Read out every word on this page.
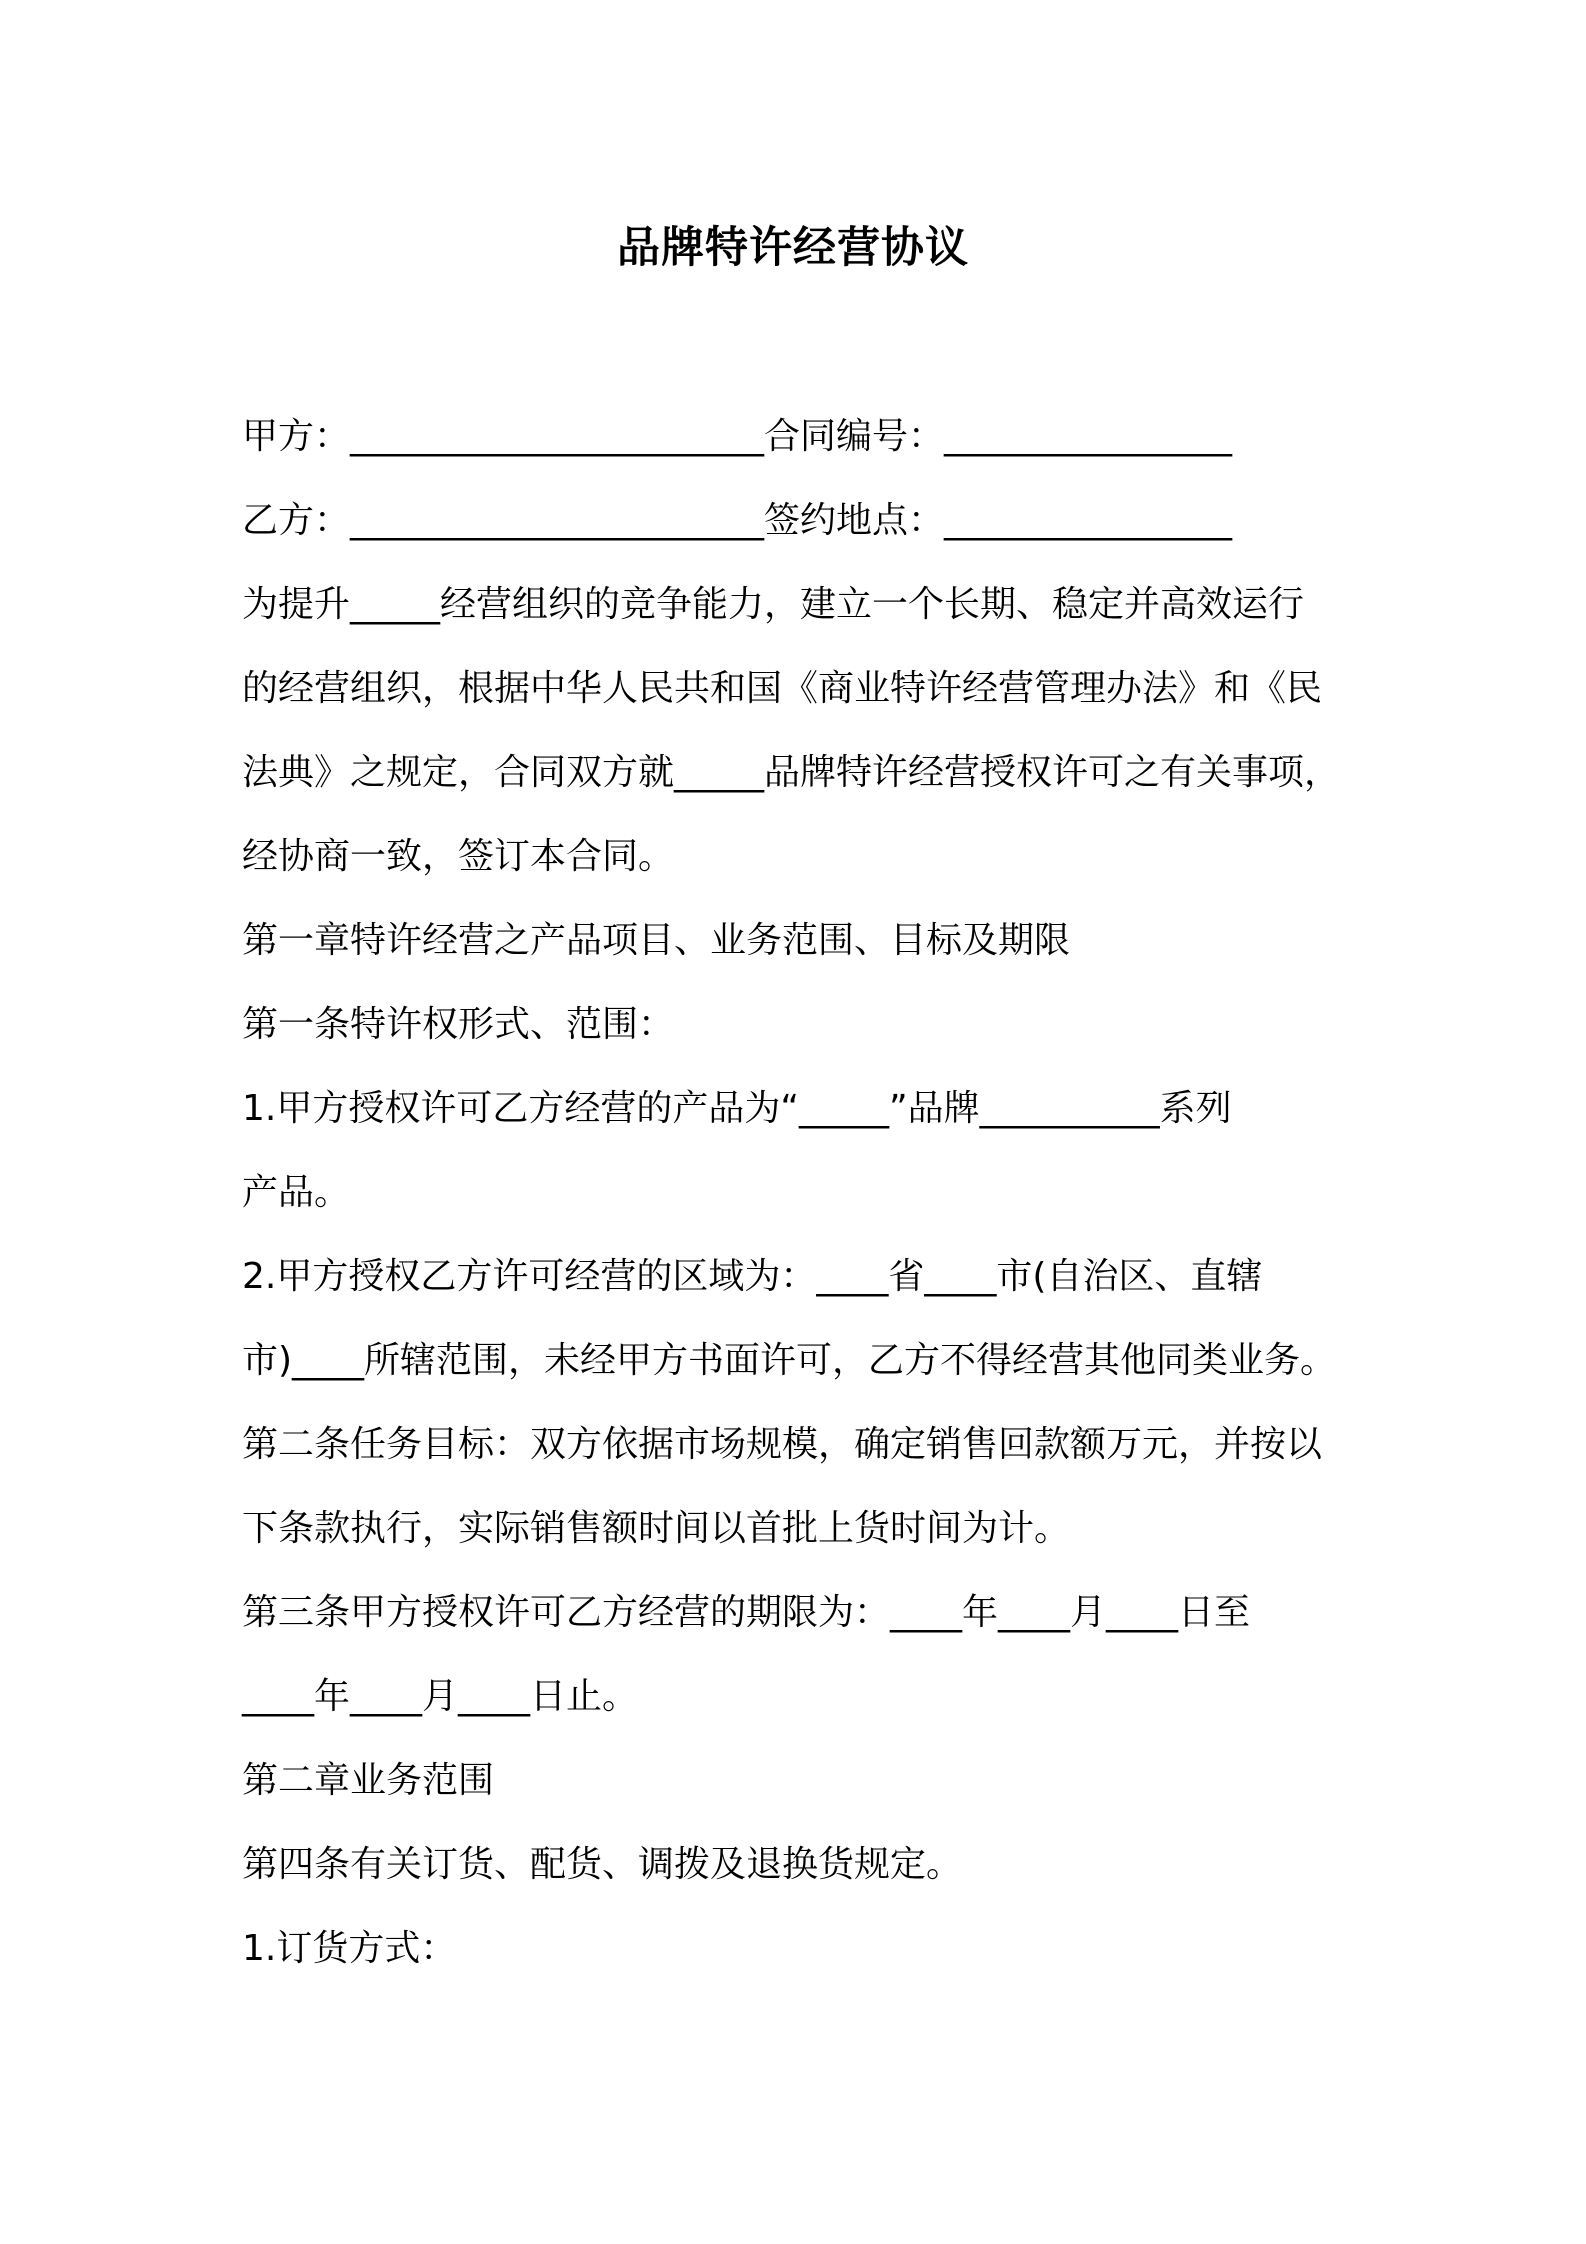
品牌特许经营协议
甲方：_______________________合同编号：________________
乙方：_______________________签约地点：________________
为提升_____经营组织的竞争能力，建立一个长期、稳定并高效运行
的经营组织，根据中华人民共和国《商业特许经营管理办法》和《民
法典》之规定，合同双方就_____品牌特许经营授权许可之有关事项，
经协商一致，签订本合同。
第一章特许经营之产品项目、业务范围、目标及期限
第一条特许权形式、范围：
1.甲方授权许可乙方经营的产品为“_____”品牌__________系列
产品。
2.甲方授权乙方许可经营的区域为：____省____市(自治区、直辖
市)____所辖范围，未经甲方书面许可，乙方不得经营其他同类业务。
第二条任务目标：双方依据市场规模，确定销售回款额万元，并按以
下条款执行，实际销售额时间以首批上货时间为计。
第三条甲方授权许可乙方经营的期限为：____年____月____日至
____年____月____日止。
第二章业务范围
第四条有关订货、配货、调拨及退换货规定。
1.订货方式：
